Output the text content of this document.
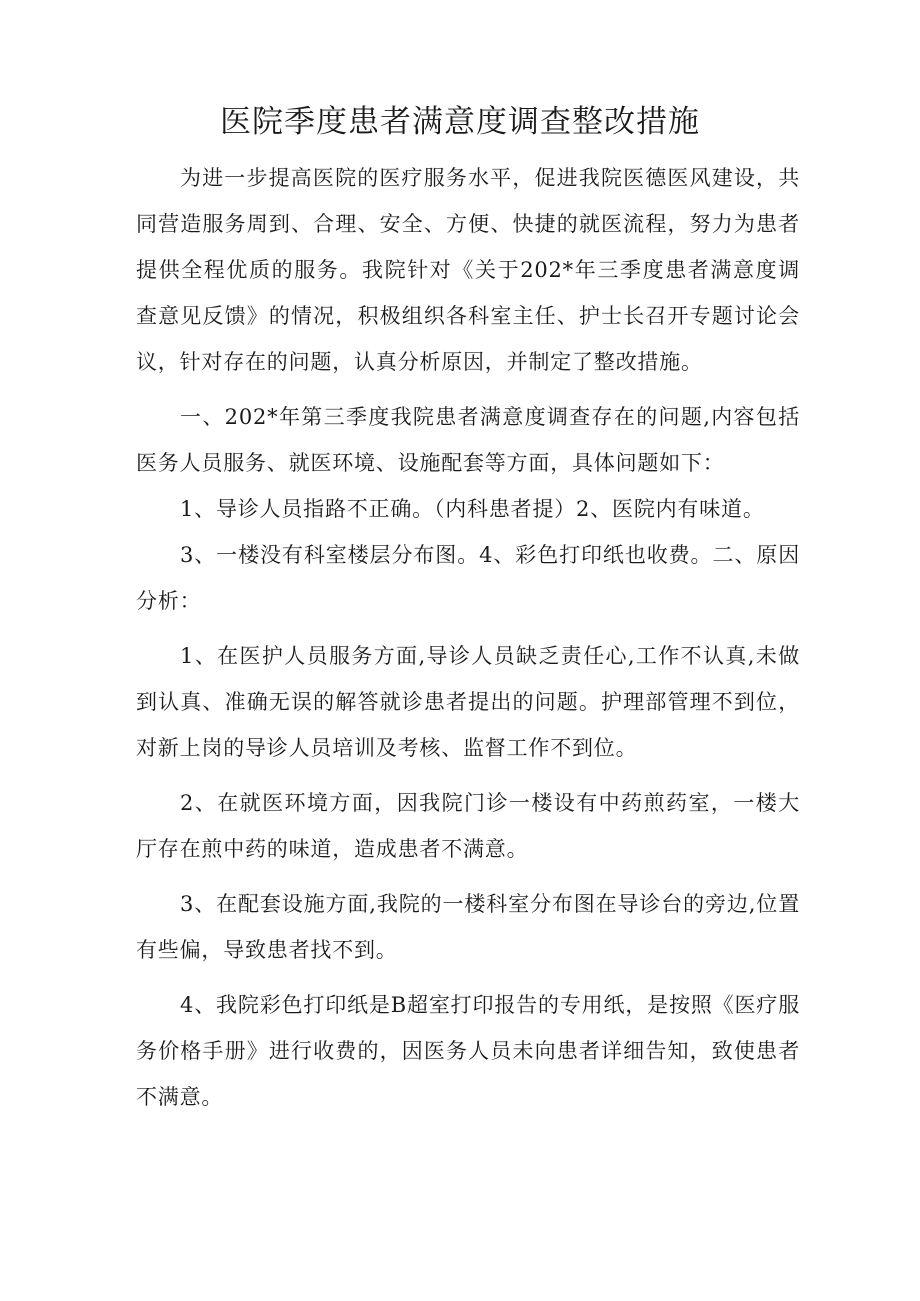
医院季度患者满意度调查整改措施

为进一步提高医院的医疗服务水平，促进我院医德医风建设，共同营造服务周到、合理、安全、方便、快捷的就医流程，努力为患者提供全程优质的服务。我院针对《关于202*年三季度患者满意度调查意见反馈》的情况，积极组织各科室主任、护士长召开专题讨论会议，针对存在的问题，认真分析原因，并制定了整改措施。

一、202*年第三季度我院患者满意度调查存在的问题,内容包括医务人员服务、就医环境、设施配套等方面，具体问题如下：

1、导诊人员指路不正确。（内科患者提）2、医院内有味道。

3、一楼没有科室楼层分布图。4、彩色打印纸也收费。二、原因分析：

1、在医护人员服务方面,导诊人员缺乏责任心,工作不认真,未做到认真、准确无误的解答就诊患者提出的问题。护理部管理不到位，对新上岗的导诊人员培训及考核、监督工作不到位。

2、在就医环境方面，因我院门诊一楼设有中药煎药室，一楼大厅存在煎中药的味道，造成患者不满意。

3、在配套设施方面,我院的一楼科室分布图在导诊台的旁边,位置有些偏，导致患者找不到。

4、我院彩色打印纸是B超室打印报告的专用纸，是按照《医疗服务价格手册》进行收费的，因医务人员未向患者详细告知，致使患者不满意。
